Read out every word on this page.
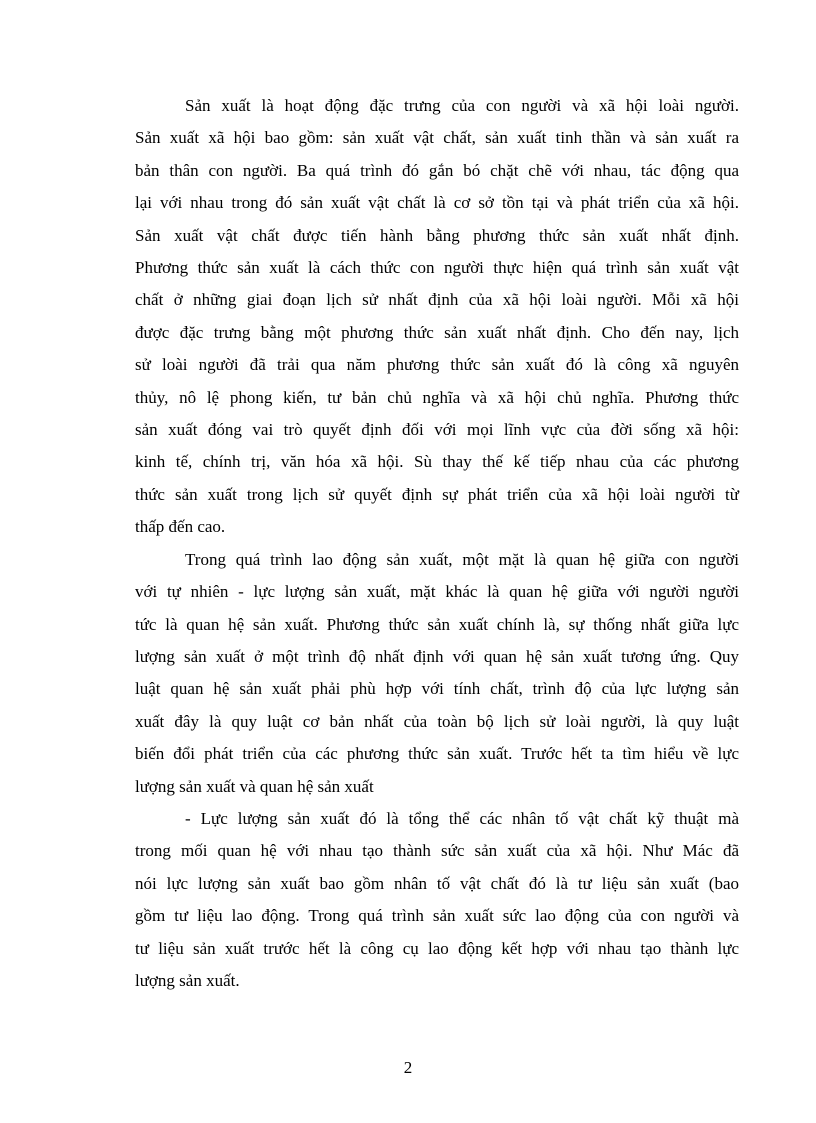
Sản xuất là hoạt động đặc trưng của con người và xã hội loài người.
Sản xuất xã hội bao gồm: sản xuất vật chất, sản xuất tinh thần và sản xuất ra
bản thân con người. Ba quá trình đó gắn bó chặt chẽ với nhau, tác động qua
lại với nhau trong đó sản xuất vật chất là cơ sở tồn tại và phát triển của xã hội.
Sản xuất vật chất được tiến hành bằng phương thức sản xuất nhất định.
Phương thức sản xuất là cách thức con người thực hiện quá trình sản xuất vật
chất ở những giai đoạn lịch sử nhất định của xã hội loài người. Mỗi xã hội
được đặc trưng bằng một phương thức sản xuất nhất định. Cho đến nay, lịch
sử loài người đã trải qua năm phương thức sản xuất đó là công xã nguyên
thủy, nô lệ phong kiến, tư bản chủ nghĩa và xã hội chủ nghĩa. Phương thức
sản xuất đóng vai trò quyết định đối với mọi lĩnh vực của đời sống xã hội:
kinh tế, chính trị, văn hóa xã hội. Sù thay thế kế tiếp nhau của các phương
thức sản xuất trong lịch sử quyết định sự phát triển của xã hội loài người từ
thấp đến cao.

Trong quá trình lao động sản xuất, một mặt là quan hệ giữa con người
với tự nhiên - lực lượng sản xuất, mặt khác là quan hệ giữa với người người
tức là quan hệ sản xuất. Phương thức sản xuất chính là, sự thống nhất giữa lực
lượng sản xuất ở một trình độ nhất định với quan hệ sản xuất tương ứng. Quy
luật quan hệ sản xuất phải phù hợp với tính chất, trình độ của lực lượng sản
xuất đây là quy luật cơ bản nhất của toàn bộ lịch sử loài người, là quy luật
biến đổi phát triển của các phương thức sản xuất. Trước hết ta tìm hiểu về lực
lượng sản xuất và quan hệ sản xuất

- Lực lượng sản xuất đó là tổng thể các nhân tố vật chất kỹ thuật mà
trong mối quan hệ với nhau tạo thành sức sản xuất của xã hội. Như Mác đã
nói lực lượng sản xuất bao gồm nhân tố vật chất đó là tư liệu sản xuất (bao
gồm tư liệu lao động. Trong quá trình sản xuất sức lao động của con người và
tư liệu sản xuất trước hết là công cụ lao động kết hợp với nhau tạo thành lực
lượng sản xuất.

2
